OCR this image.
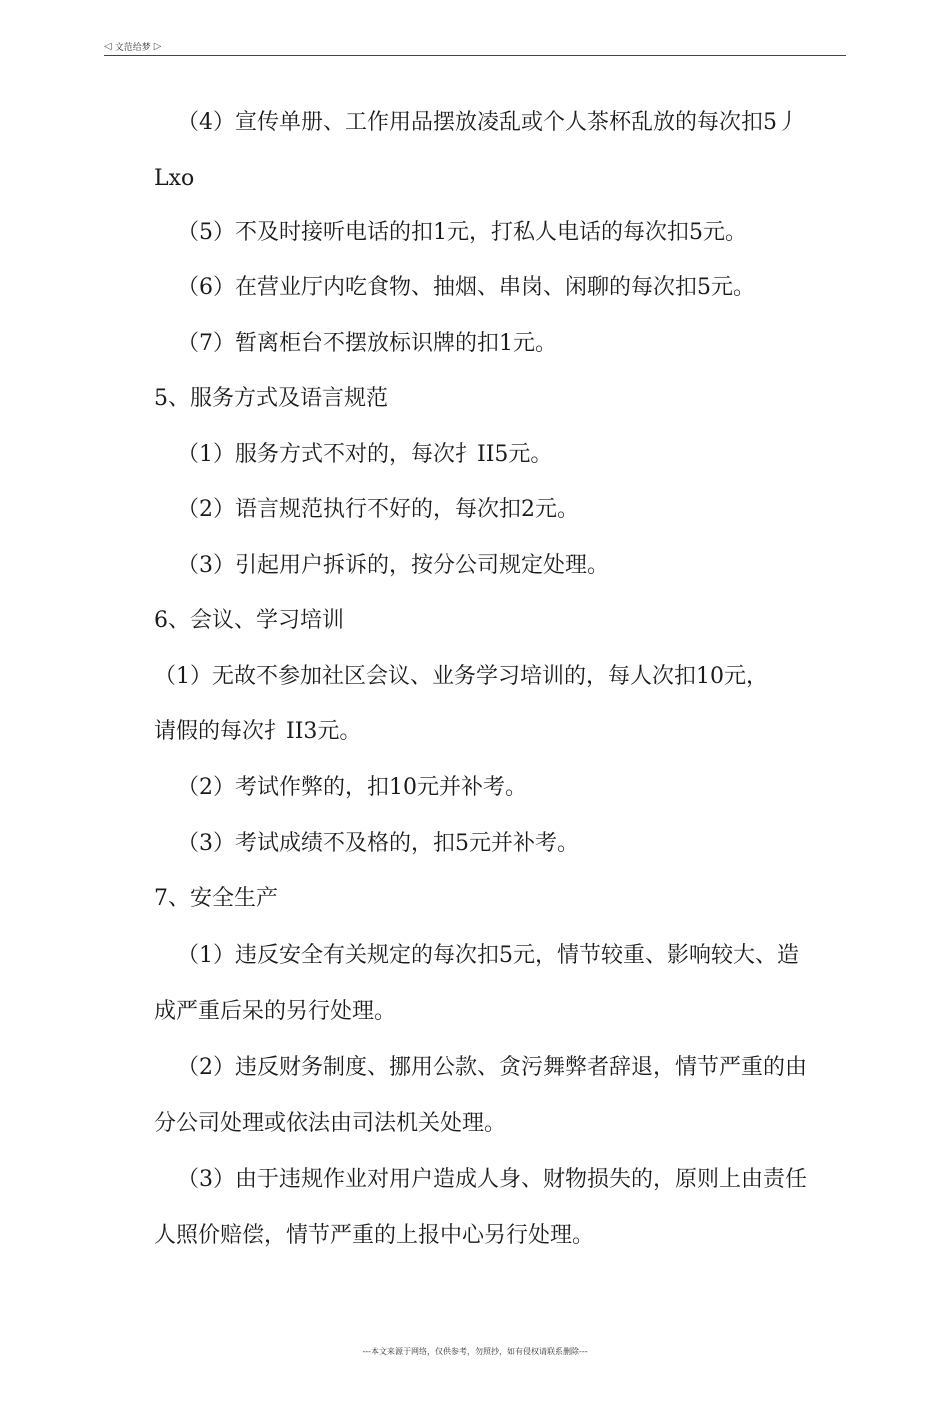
◁ 文范给梦 ▷
（4）宣传单册、工作用品摆放凌乱或个人茶杯乱放的每次扣5丿
Lxo
（5）不及时接听电话的扣1元，打私人电话的每次扣5元。
（6）在营业厅内吃食物、抽烟、串岗、闲聊的每次扣5元。
（7）暂离柜台不摆放标识牌的扣1元。
5、服务方式及语言规范
（1）服务方式不对的，每次扌II5元。
（2）语言规范执行不好的，每次扣2元。
（3）引起用户拆诉的，按分公司规定处理。
6、会议、学习培训
（1）无故不参加社区会议、业务学习培训的，每人次扣10元，
请假的每次扌II3元。
（2）考试作弊的，扣10元并补考。
（3）考试成绩不及格的，扣5元并补考。
7、安全生产
（1）违反安全有关规定的每次扣5元，情节较重、影响较大、造
成严重后呆的另行处理。
（2）违反财务制度、挪用公款、贪污舞弊者辞退，情节严重的由
分公司处理或依法由司法机关处理。
（3）由于违规作业对用户造成人身、财物损失的，原则上由责任
人照价赔偿，情节严重的上报中心另行处理。
---本文来源于网络，仅供参考，勿照抄，如有侵权请联系删除---
